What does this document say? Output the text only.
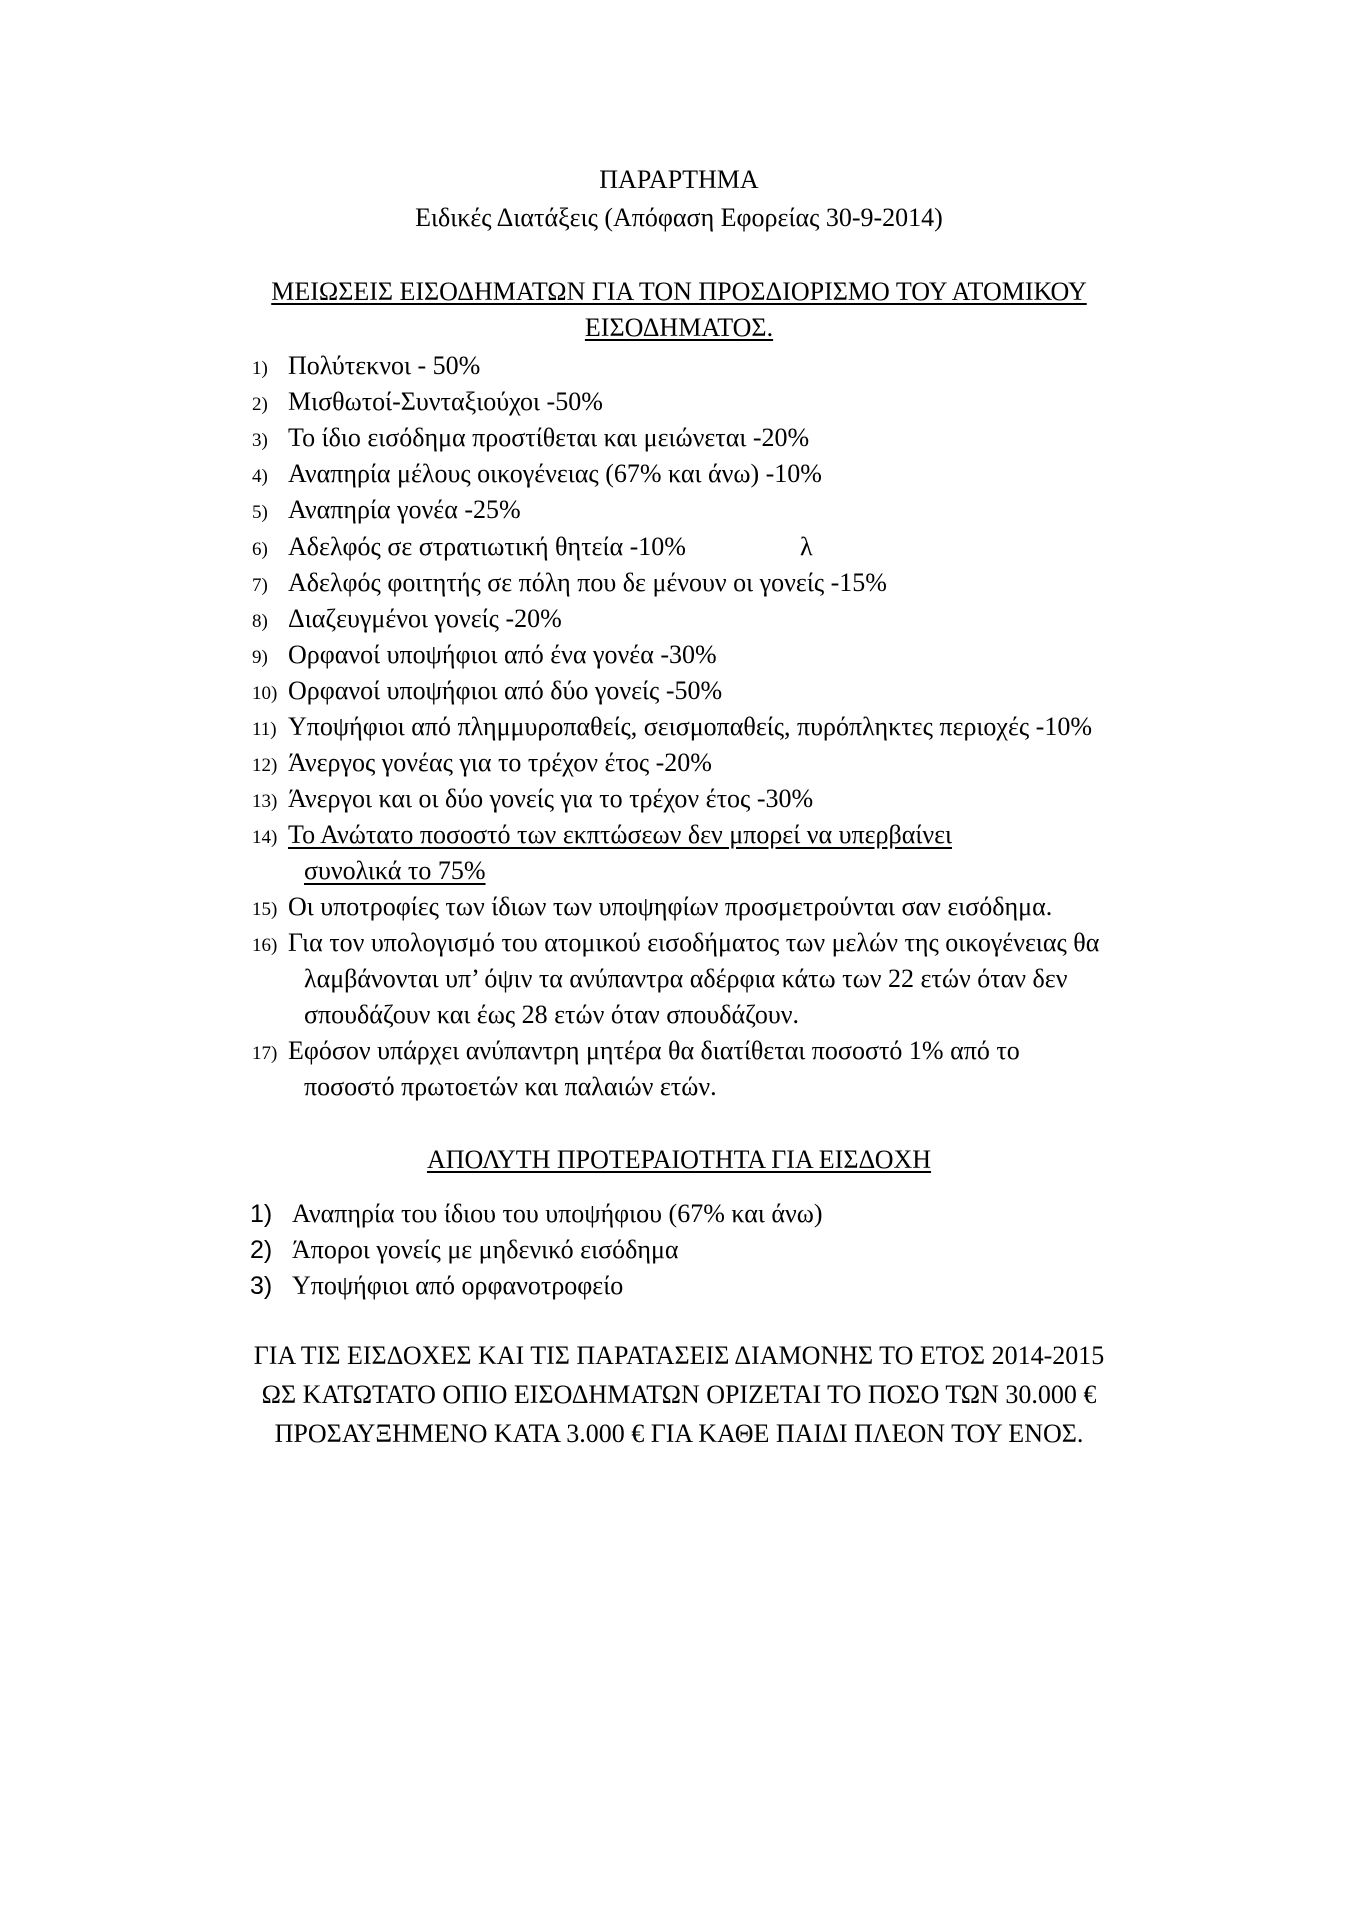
ΠΑΡΑΡΤΗΜΑ
Ειδικές Διατάξεις (Απόφαση Εφορείας 30-9-2014)
ΜΕΙΩΣΕΙΣ ΕΙΣΟΔΗΜΑΤΩΝ ΓΙΑ ΤΟΝ ΠΡΟΣΔΙΟΡΙΣΜΟ ΤΟΥ ΑΤΟΜΙΚΟΥ
ΕΙΣΟΔΗΜΑΤΟΣ.
1) Πολύτεκνοι - 50%
2) Μισθωτοί-Συνταξιούχοι -50%
3) Το ίδιο εισόδημα προστίθεται και μειώνεται -20%
4) Αναπηρία μέλους οικογένειας (67% και άνω) -10%
5) Αναπηρία γονέα -25%
6) Αδελφός σε στρατιωτική θητεία -10%	λ
7) Αδελφός φοιτητής σε πόλη που δε μένουν οι γονείς -15%
8) Διαζευγμένοι γονείς -20%
9) Ορφανοί υποψήφιοι από ένα γονέα -30%
10) Ορφανοί υποψήφιοι από δύο γονείς -50%
11) Υποψήφιοι από πλημμυροπαθείς, σεισμοπαθείς, πυρόπληκτες περιοχές -10%
12) Άνεργος γονέας για το τρέχον έτος -20%
13) Άνεργοι και οι δύο γονείς για το τρέχον έτος -30%
14) Το Ανώτατο ποσοστό των εκπτώσεων δεν μπορεί να υπερβαίνει
συνολικά το 75%
15) Οι υποτροφίες των ίδιων των υποψηφίων προσμετρούνται σαν εισόδημα.
16) Για τον υπολογισμό του ατομικού εισοδήματος των μελών της οικογένειας θα
λαμβάνονται υπ’ όψιν τα ανύπαντρα αδέρφια κάτω των 22 ετών όταν δεν
σπουδάζουν και έως 28 ετών όταν σπουδάζουν.
17) Εφόσον υπάρχει ανύπαντρη μητέρα θα διατίθεται ποσοστό 1% από το
ποσοστό πρωτοετών και παλαιών ετών.
ΑΠΟΛΥΤΗ ΠΡΟΤΕΡΑΙΟΤΗΤΑ ΓΙΑ ΕΙΣΔΟΧΗ
1) Αναπηρία του ίδιου του υποψήφιου (67% και άνω)
2) Άποροι γονείς με μηδενικό εισόδημα
3) Υποψήφιοι από ορφανοτροφείο
ΓΙΑ ΤΙΣ ΕΙΣΔΟΧΕΣ ΚΑΙ ΤΙΣ ΠΑΡΑΤΑΣΕΙΣ ΔΙΑΜΟΝΗΣ ΤΟ ΕΤΟΣ 2014-2015
ΩΣ ΚΑΤΩΤΑΤΟ ΟΠΙΟ ΕΙΣΟΔΗΜΑΤΩΝ ΟΡΙΖΕΤΑΙ ΤΟ ΠΟΣΟ ΤΩΝ 30.000 €
ΠΡΟΣΑΥΞΗΜΕΝΟ ΚΑΤΑ 3.000 € ΓΙΑ ΚΑΘΕ ΠΑΙΔΙ ΠΛΕΟΝ ΤΟΥ ΕΝΟΣ.
